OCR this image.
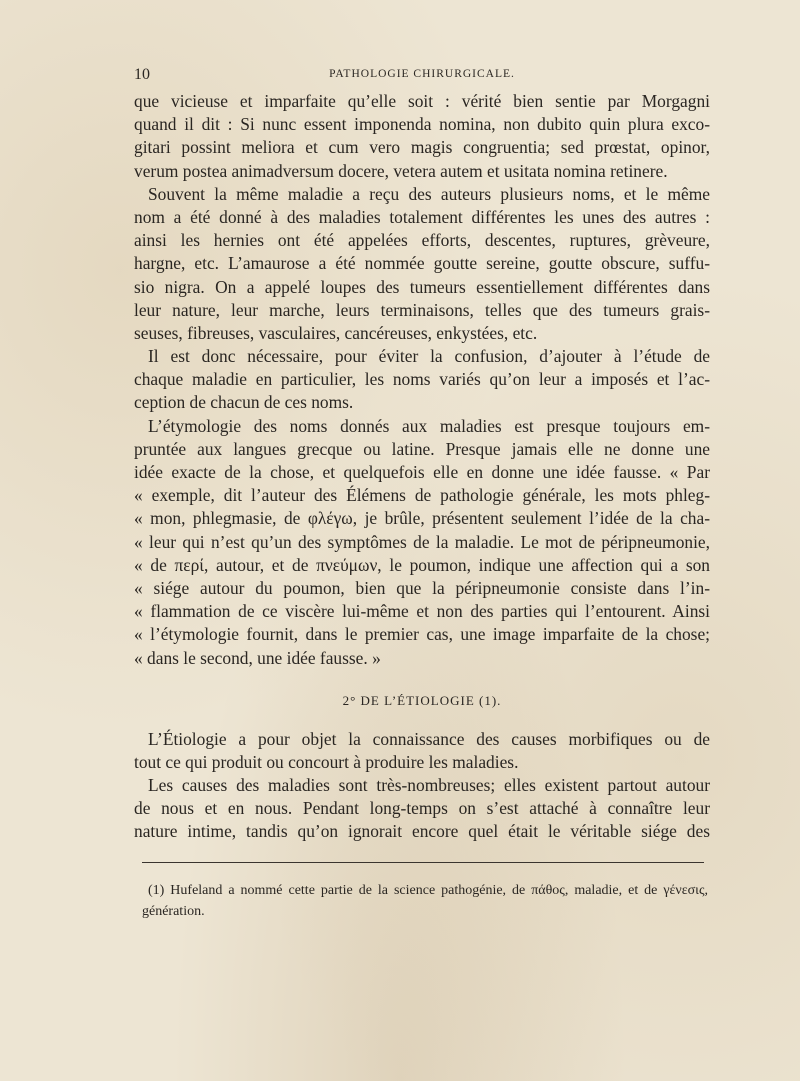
10	PATHOLOGIE CHIRURGICALE.
que vicieuse et imparfaite qu’elle soit : vérité bien sentie par Morgagni
quand il dit : Si nunc essent imponenda nomina, non dubito quin plura exco-
gitari possint meliora et cum vero magis congruentia; sed prœstat, opinor,
verum postea animadversum docere, vetera autem et usitata nomina retinere.
Souvent la même maladie a reçu des auteurs plusieurs noms, et le même
nom a été donné à des maladies totalement différentes les unes des autres :
ainsi les hernies ont été appelées efforts, descentes, ruptures, grèveure,
hargne, etc. L’amaurose a été nommée goutte sereine, goutte obscure, suffu-
sio nigra. On a appelé loupes des tumeurs essentiellement différentes dans
leur nature, leur marche, leurs terminaisons, telles que des tumeurs grais-
seuses, fibreuses, vasculaires, cancéreuses, enkystées, etc.
Il est donc nécessaire, pour éviter la confusion, d’ajouter à l’étude de
chaque maladie en particulier, les noms variés qu’on leur a imposés et l’ac-
ception de chacun de ces noms.
L’étymologie des noms donnés aux maladies est presque toujours em-
pruntée aux langues grecque ou latine. Presque jamais elle ne donne une
idée exacte de la chose, et quelquefois elle en donne une idée fausse. « Par
« exemple, dit l’auteur des Élémens de pathologie générale, les mots phleg-
« mon, phlegmasie, de φλέγω, je brûle, présentent seulement l’idée de la cha-
« leur qui n’est qu’un des symptômes de la maladie. Le mot de péripneumonie,
« de περί, autour, et de πνεύμων, le poumon, indique une affection qui a son
« siége autour du poumon, bien que la péripneumonie consiste dans l’in-
« flammation de ce viscère lui-même et non des parties qui l’entourent. Ainsi
« l’étymologie fournit, dans le premier cas, une image imparfaite de la chose;
« dans le second, une idée fausse. »
2° DE L’ÉTIOLOGIE (1).
L’Étiologie a pour objet la connaissance des causes morbifiques ou de
tout ce qui produit ou concourt à produire les maladies.
Les causes des maladies sont très-nombreuses; elles existent partout autour
de nous et en nous. Pendant long-temps on s’est attaché à connaître leur
nature intime, tandis qu’on ignorait encore quel était le véritable siége des
(1) Hufeland a nommé cette partie de la science pathogénie, de πάθος, maladie, et de γένεσις,
génération.
